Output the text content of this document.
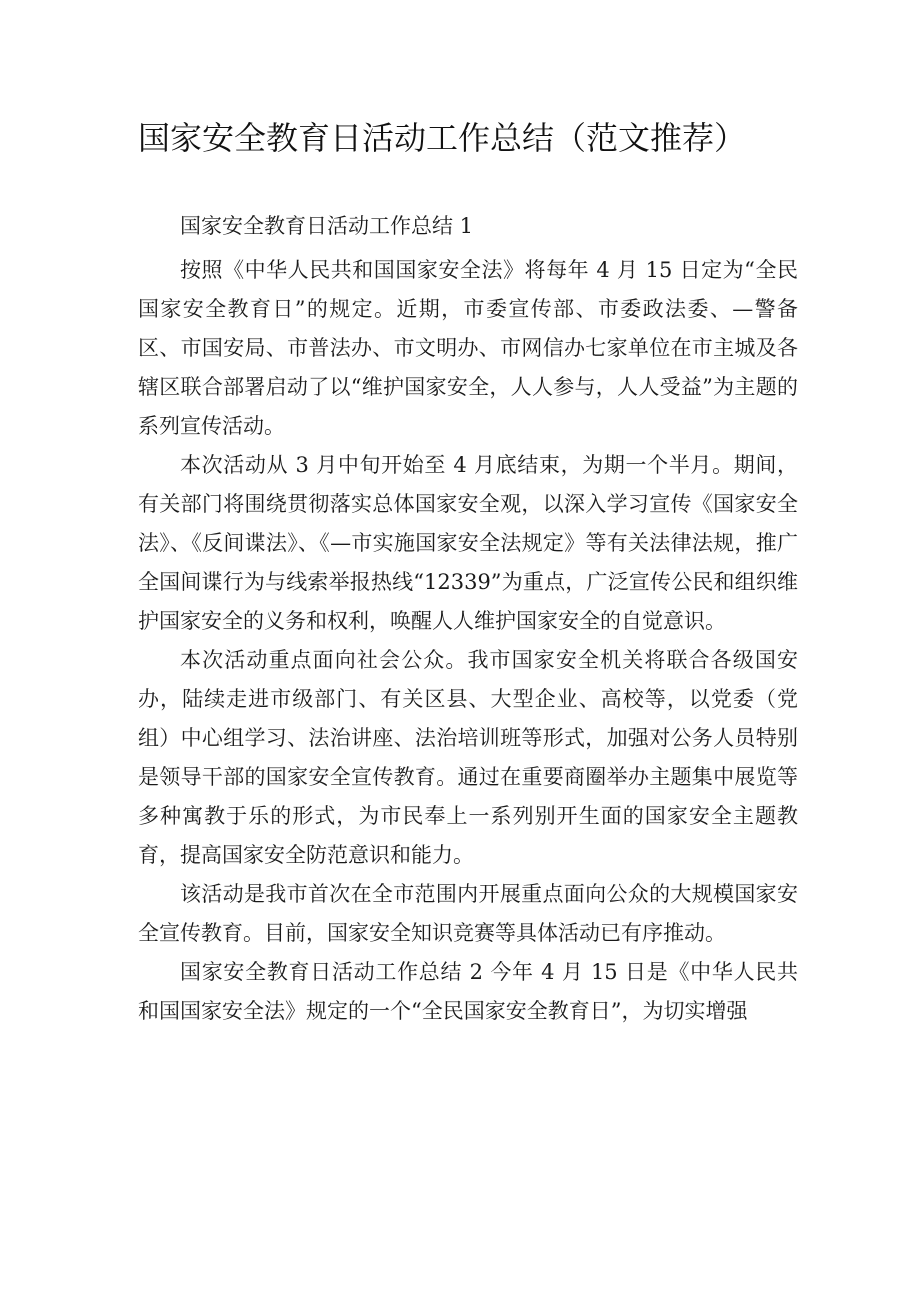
国家安全教育日活动工作总结（范文推荐）

国家安全教育日活动工作总结 1

按照《中华人民共和国国家安全法》将每年 4 月 15 日定为“全民国家安全教育日”的规定。近期，市委宣传部、市委政法委、—警备区、市国安局、市普法办、市文明办、市网信办七家单位在市主城及各辖区联合部署启动了以“维护国家安全，人人参与，人人受益”为主题的系列宣传活动。

本次活动从 3 月中旬开始至 4 月底结束，为期一个半月。期间，有关部门将围绕贯彻落实总体国家安全观，以深入学习宣传《国家安全法》、《反间谍法》、《—市实施国家安全法规定》等有关法律法规，推广全国间谍行为与线索举报热线“12339”为重点，广泛宣传公民和组织维护国家安全的义务和权利，唤醒人人维护国家安全的自觉意识。

本次活动重点面向社会公众。我市国家安全机关将联合各级国安办，陆续走进市级部门、有关区县、大型企业、高校等，以党委（党组）中心组学习、法治讲座、法治培训班等形式，加强对公务人员特别是领导干部的国家安全宣传教育。通过在重要商圈举办主题集中展览等多种寓教于乐的形式，为市民奉上一系列别开生面的国家安全主题教育，提高国家安全防范意识和能力。

该活动是我市首次在全市范围内开展重点面向公众的大规模国家安全宣传教育。目前，国家安全知识竞赛等具体活动已有序推动。

国家安全教育日活动工作总结 2 今年 4 月 15 日是《中华人民共和国国家安全法》规定的一个“全民国家安全教育日”，为切实增强
